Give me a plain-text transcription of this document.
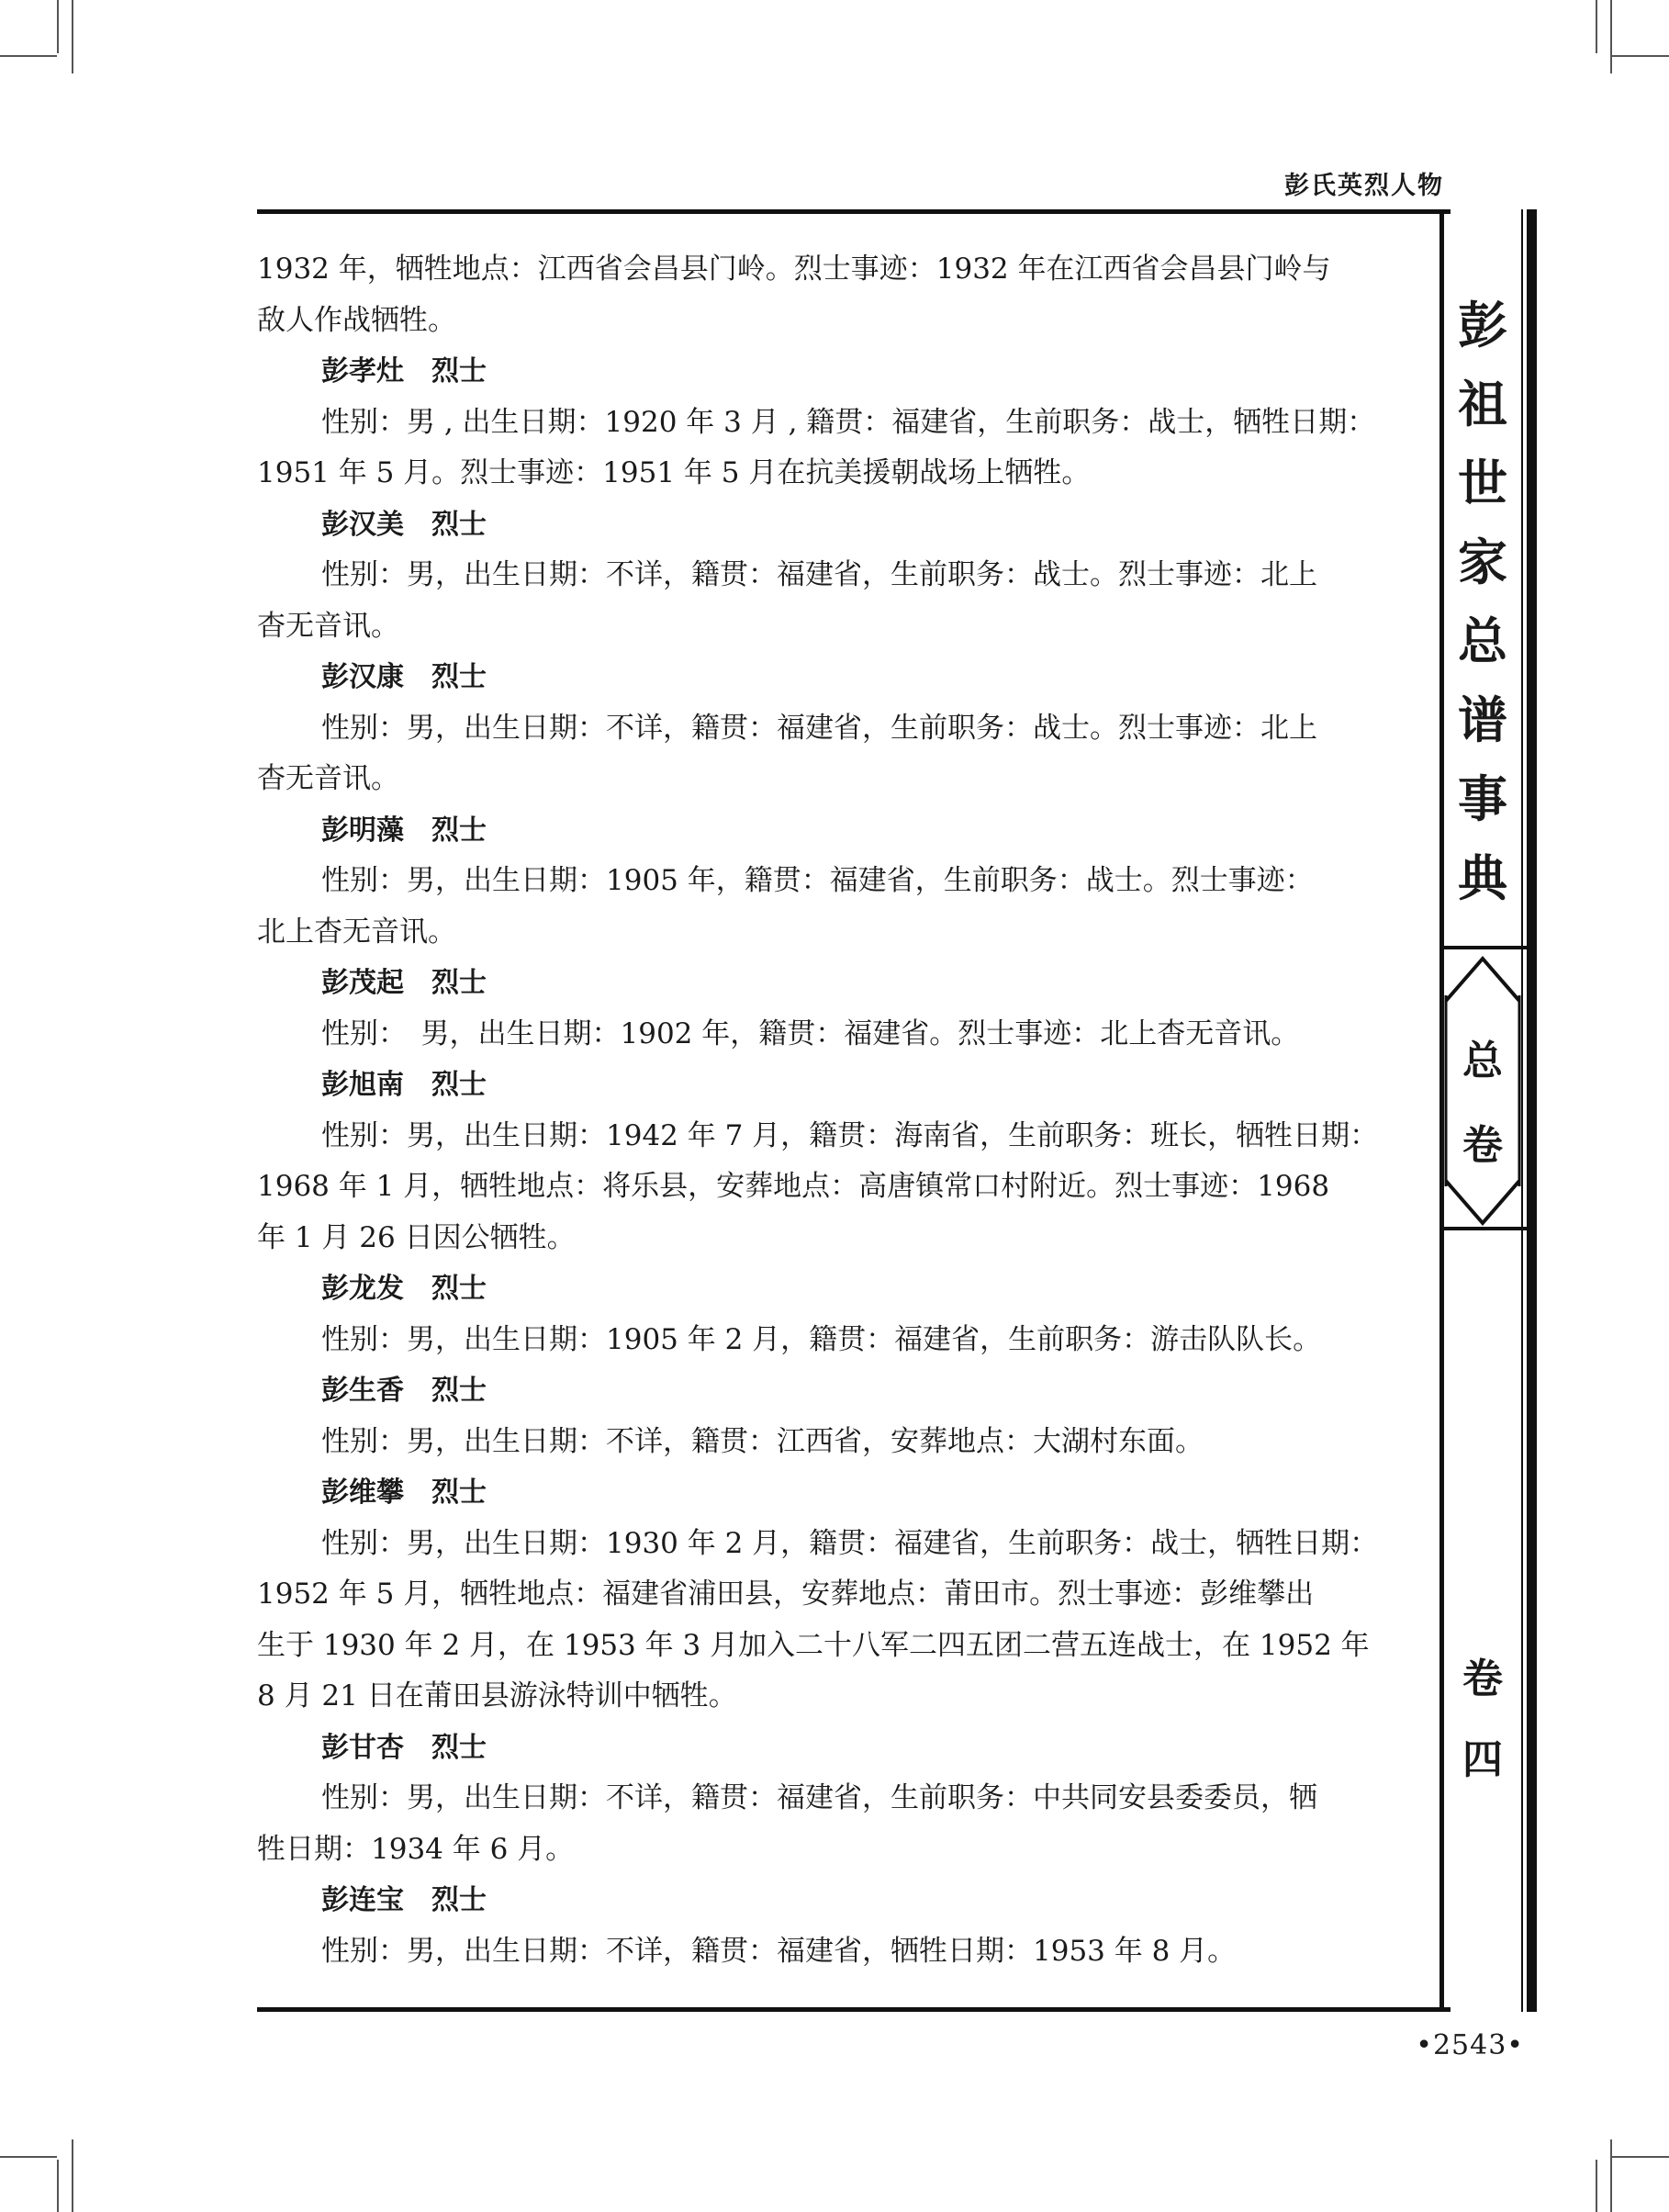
彭氏英烈人物
彭
祖
世
家
总
谱
事
典
总
卷
卷
四
1932 年，牺牲地点：江西省会昌县门岭。烈士事迹：1932 年在江西省会昌县门岭与
敌人作战牺牲。
彭孝灶　烈士
性别：男 , 出生日期：1920 年 3 月 , 籍贯：福建省，生前职务：战士，牺牲日期：
1951 年 5 月。烈士事迹：1951 年 5 月在抗美援朝战场上牺牲。
彭汉美　烈士
性别：男，出生日期：不详，籍贯：福建省，生前职务：战士。烈士事迹：北上
杳无音讯。
彭汉康　烈士
性别：男，出生日期：不详，籍贯：福建省，生前职务：战士。烈士事迹：北上
杳无音讯。
彭明藻　烈士
性别：男，出生日期：1905 年，籍贯：福建省，生前职务：战士。烈士事迹：
北上杳无音讯。
彭茂起　烈士
性别：　男，出生日期：1902 年，籍贯：福建省。烈士事迹：北上杳无音讯。
彭旭南　烈士
性别：男，出生日期：1942 年 7 月，籍贯：海南省，生前职务：班长，牺牲日期：
1968 年 1 月，牺牲地点：将乐县，安葬地点：高唐镇常口村附近。烈士事迹：1968
年 1 月 26 日因公牺牲。
彭龙发　烈士
性别：男，出生日期：1905 年 2 月，籍贯：福建省，生前职务：游击队队长。
彭生香　烈士
性别：男，出生日期：不详，籍贯：江西省，安葬地点：大湖村东面。
彭维攀　烈士
性别：男，出生日期：1930 年 2 月，籍贯：福建省，生前职务：战士，牺牲日期：
1952 年 5 月，牺牲地点：福建省浦田县，安葬地点：莆田市。烈士事迹：彭维攀出
生于 1930 年 2 月，在 1953 年 3 月加入二十八军二四五团二营五连战士，在 1952 年
8 月 21 日在莆田县游泳特训中牺牲。
彭甘杏　烈士
性别：男，出生日期：不详，籍贯：福建省，生前职务：中共同安县委委员，牺
牲日期：1934 年 6 月。
彭连宝　烈士
性别：男，出生日期：不详，籍贯：福建省，牺牲日期：1953 年 8 月。
•2543•
